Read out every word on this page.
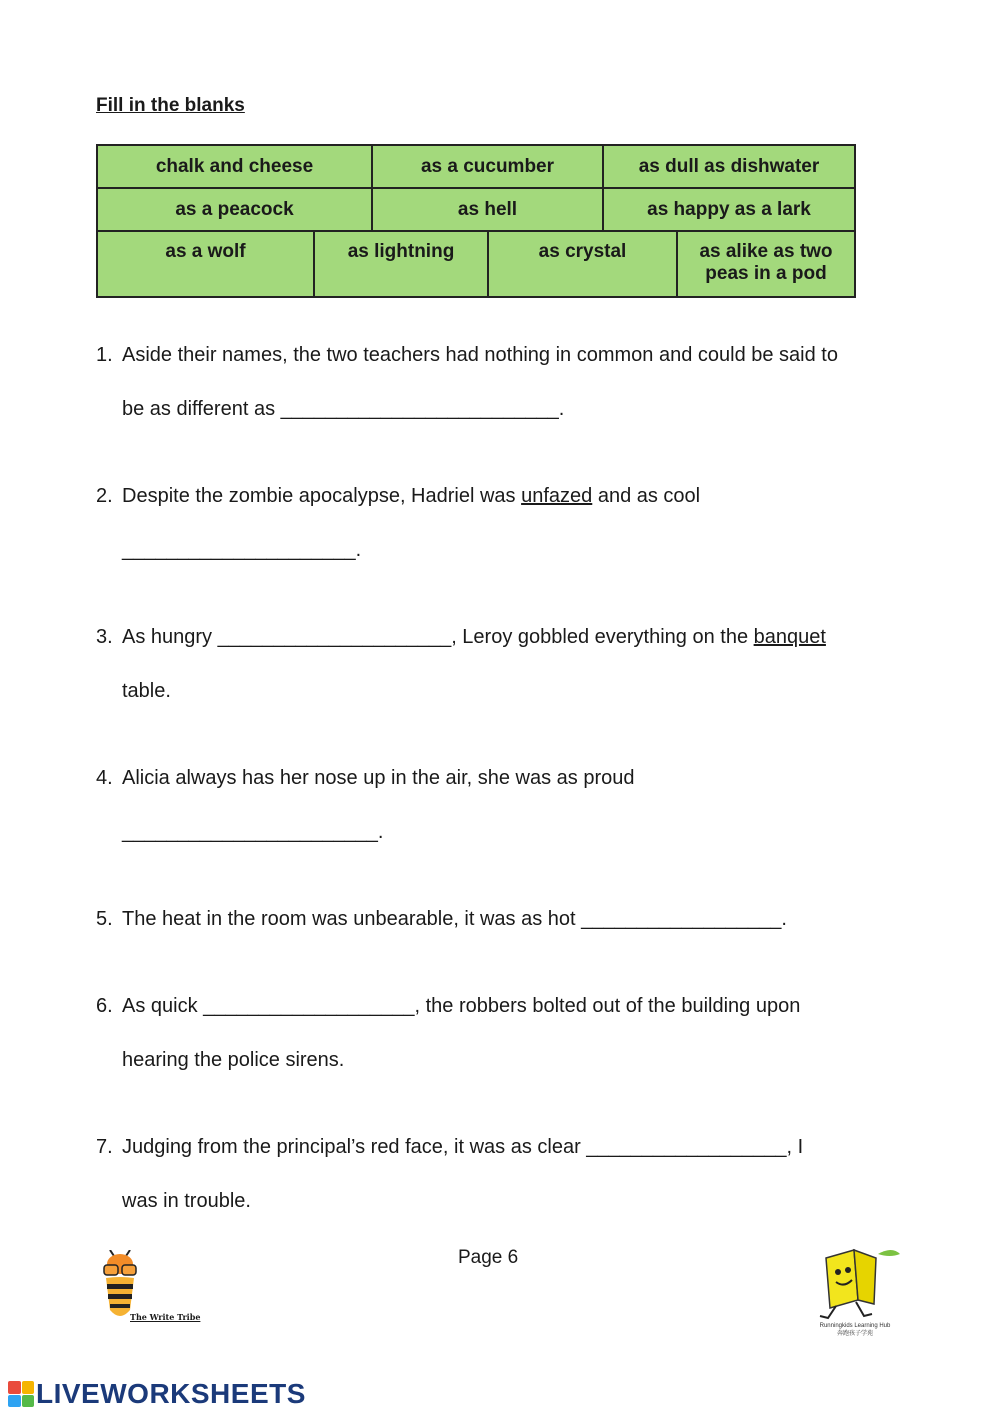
Fill in the blanks
chalk and cheese	as a cucumber	as dull as dishwater
as a peacock	as hell	as happy as a lark
as a wolf	as lightning	as crystal	as alike as two peas in a pod
1. Aside their names, the two teachers had nothing in common and could be said to
be as different as _________________________.
2. Despite the zombie apocalypse, Hadriel was unfazed and as cool
_____________________.
3. As hungry _____________________, Leroy gobbled everything on the banquet
table.
4. Alicia always has her nose up in the air, she was as proud
_______________________.
5. The heat in the room was unbearable, it was as hot __________________.
6. As quick ___________________, the robbers bolted out of the building upon
hearing the police sirens.
7. Judging from the principal’s red face, it was as clear __________________, I
was in trouble.
Page 6
The Write Tribe
Runningkids Learning Hub
奔跑孩子学苑
LIVEWORKSHEETS
